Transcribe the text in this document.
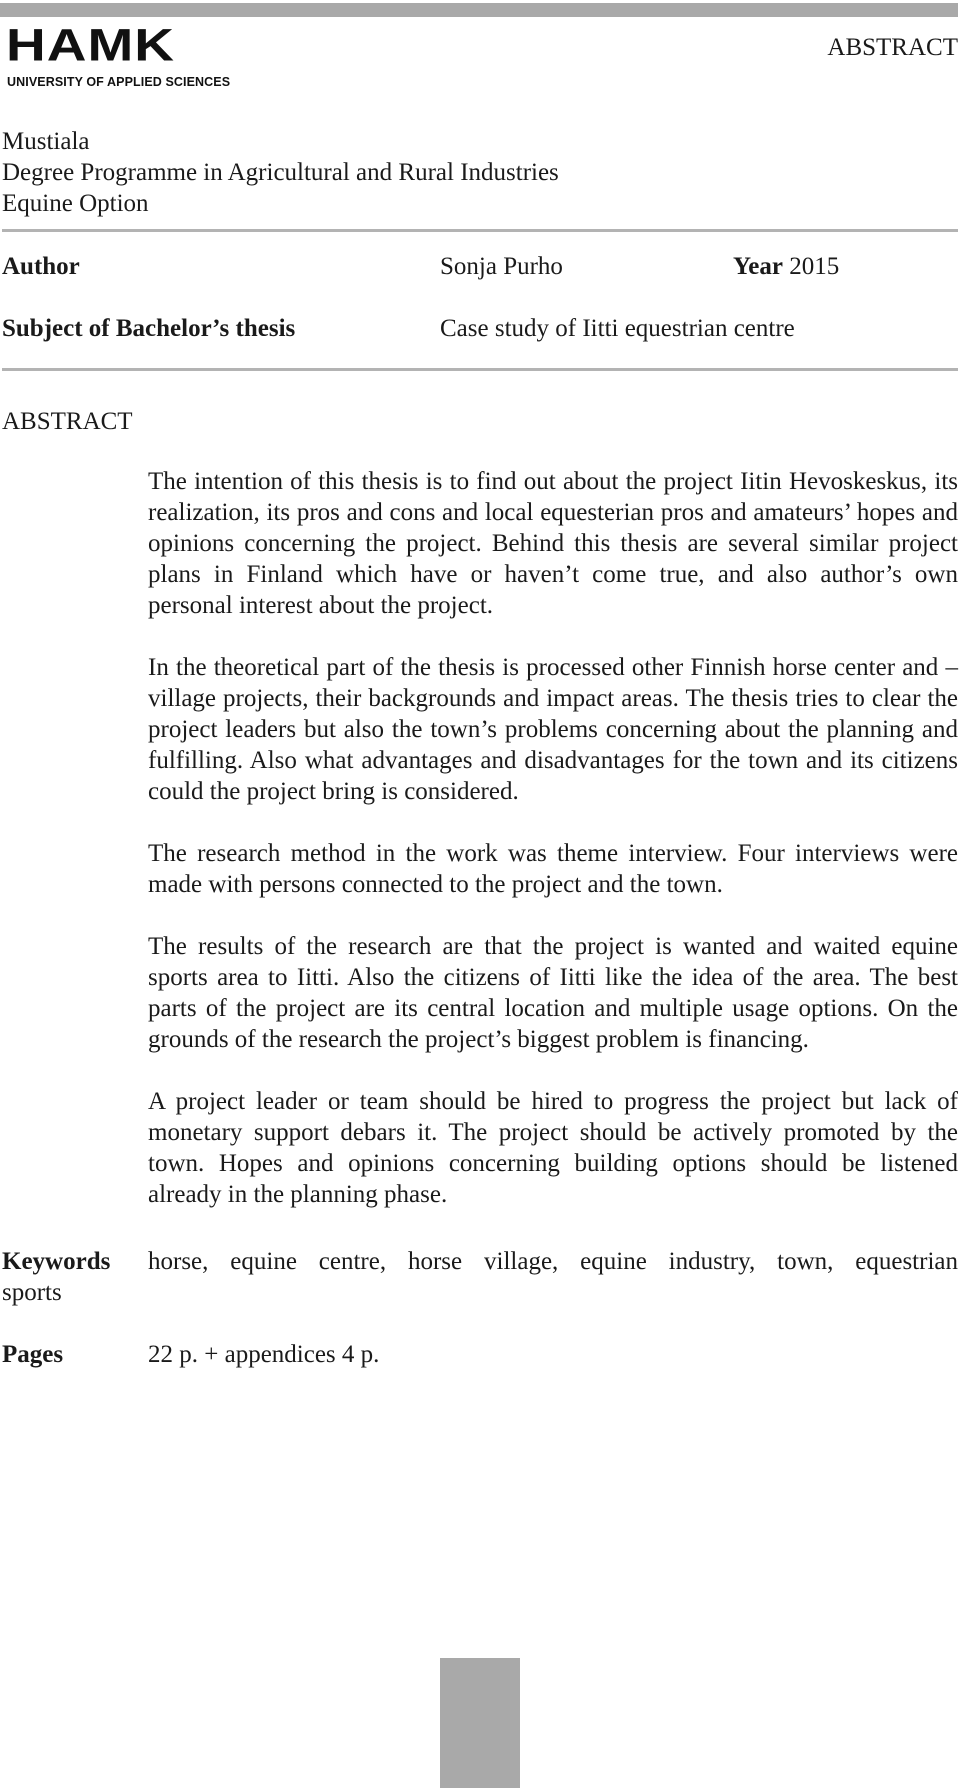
HAMK
UNIVERSITY OF APPLIED SCIENCES
ABSTRACT
Mustiala
Degree Programme in Agricultural and Rural Industries
Equine Option
Author	Sonja Purho	Year 2015
Subject of Bachelor’s thesis	Case study of Iitti equestrian centre
ABSTRACT

The intention of this thesis is to find out about the project Iitin Hevoskeskus, its realization, its pros and cons and local equesterian pros and amateurs’ hopes and opinions concerning the project. Behind this thesis are several similar project plans in Finland which have or haven’t come true, and also author’s own personal interest about the project.

In the theoretical part of the thesis is processed other Finnish horse center and –village projects, their backgrounds and impact areas. The thesis tries to clear the project leaders but also the town’s problems concerning about the planning and fulfilling. Also what advantages and disadvantages for the town and its citizens could the project bring is considered.

The research method in the work was theme interview. Four interviews were made with persons connected to the project and the town.

The results of the research are that the project is wanted and waited equine sports area to Iitti. Also the citizens of Iitti like the idea of the area. The best parts of the project are its central location and multiple usage options. On the grounds of the research the project’s biggest problem is financing.

A project leader or team should be hired to progress the project but lack of monetary support debars it. The project should be actively promoted by the town. Hopes and opinions concerning building options should be listened already in the planning phase.

Keywords horse, equine centre, horse village, equine industry, town, equestrian
sports
Pages	22 p. + appendices 4 p.
